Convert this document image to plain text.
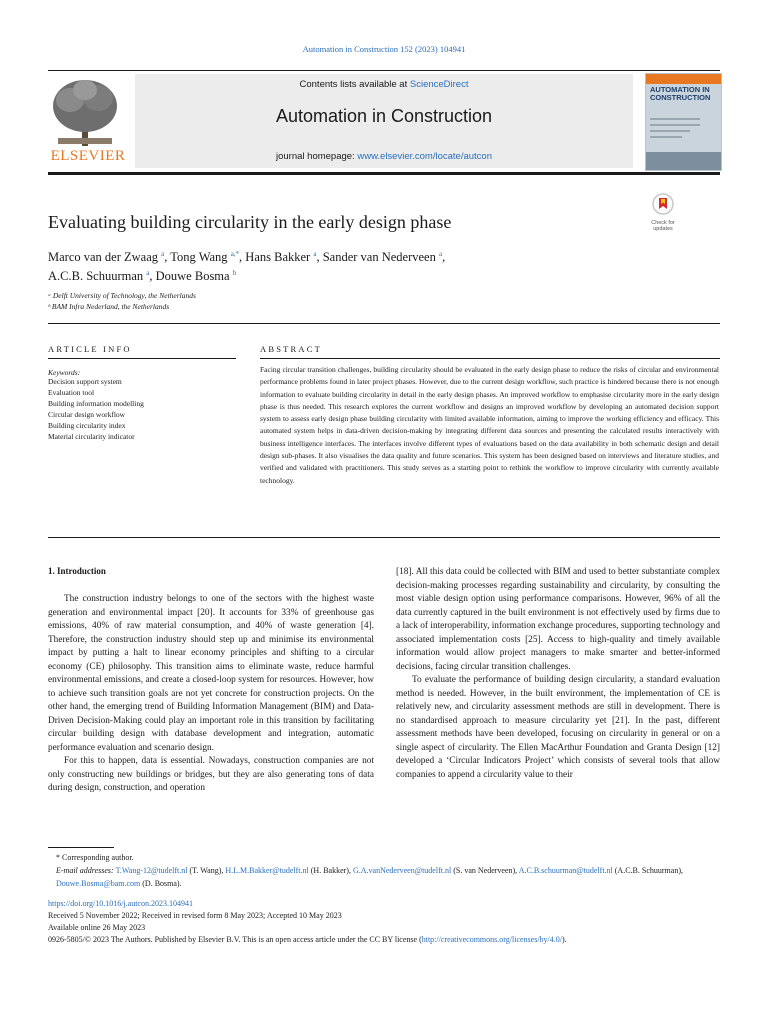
Automation in Construction 152 (2023) 104941
ELSEVIER
Contents lists available at ScienceDirect
Automation in Construction
journal homepage: www.elsevier.com/locate/autcon
AUTOMATION IN CONSTRUCTION
Check for updates
Evaluating building circularity in the early design phase
Marco van der Zwaag $^a$, Tong Wang $^{a,*}$, Hans Bakker $^a$, Sander van Nederveen $^a$,
A.C.B. Schuurman $^a$, Douwe Bosma $^b$
ᵃ Delft University of Technology, the Netherlands
ᵇ BAM Infra Nederland, the Netherlands
ARTICLE INFO
Keywords:
Decision support system
Evaluation tool
Building information modelling
Circular design workflow
Building circularity index
Material circularity indicator
ABSTRACT
Facing circular transition challenges, building circularity should be evaluated in the early design phase to reduce the risks of circular and environmental performance problems found in later project phases. However, due to the current design workflow, such practice is hindered because there is not enough information to evaluate building circularity in detail in the early design phases. An improved workflow to emphasise circularity more in the early design phase is thus needed. This research explores the current workflow and designs an improved workflow by developing an automated decision support system to assess early design phase building circularity with limited available information, aiming to improve the working efficiency and efficacy. This automated system helps in data-driven decision-making by integrating different data sources and presenting the calculated results interactively with business intelligence interfaces. The interfaces involve different types of evaluations based on the data availability in both schematic design and detail design sub-phases. It also visualises the data quality and future scenarios. This system has been designed based on interviews and literature studies, and verified and validated with practitioners. This study serves as a starting point to rethink the workflow to improve circularity with currently available technology.
1. Introduction

The construction industry belongs to one of the sectors with the highest waste generation and environmental impact [20]. It accounts for 33% of greenhouse gas emissions, 40% of raw material consumption, and 40% of waste generation [4]. Therefore, the construction industry should step up and minimise its environmental impact by putting a halt to linear economy principles and shifting to a circular economy (CE) philosophy. This transition aims to eliminate waste, reduce harmful environmental emissions, and create a closed-loop system for resources. However, how to achieve such transition goals are not yet concrete for construction projects. On the other hand, the emerging trend of Building Information Management (BIM) and Data-Driven Decision-Making could play an important role in this transition by facilitating circular building design with database development and integration, automatic performance evaluation and scenario design.

For this to happen, data is essential. Nowadays, construction companies are not only constructing new buildings or bridges, but they are also generating tons of data during design, construction, and operation

[18]. All this data could be collected with BIM and used to better substantiate complex decision-making processes regarding sustainability and circularity, by consulting the most viable design option using performance comparisons. However, 96% of all the data currently captured in the built environment is not effectively used by firms due to a lack of interoperability, information exchange procedures, supporting technology and associated implementation costs [25]. Access to high-quality and timely available information would allow project managers to make smarter and better-informed decisions, facing circular transition challenges.

To evaluate the performance of building design circularity, a standard evaluation method is needed. However, in the built environment, the implementation of CE is relatively new, and circularity assessment methods are still in development. There is no standardised approach to measure circularity yet [21]. In the past, different assessment methods have been developed, focusing on circularity in general or on a single aspect of circularity. The Ellen MacArthur Foundation and Granta Design [12] developed a ‘Circular Indicators Project’ which consists of several tools that allow companies to append a circularity value to their

* Corresponding author.
E-mail addresses: T.Wang-12@tudelft.nl (T. Wang), H.L.M.Bakker@tudelft.nl (H. Bakker), G.A.vanNederveen@tudelft.nl (S. van Nederveen), A.C.B.schuurman@tudelft.nl (A.C.B. Schuurman), Douwe.Bosma@bam.com (D. Bosma).
https://doi.org/10.1016/j.autcon.2023.104941
Received 5 November 2022; Received in revised form 8 May 2023; Accepted 10 May 2023
Available online 26 May 2023
0926-5805/© 2023 The Authors. Published by Elsevier B.V. This is an open access article under the CC BY license (http://creativecommons.org/licenses/by/4.0/).
